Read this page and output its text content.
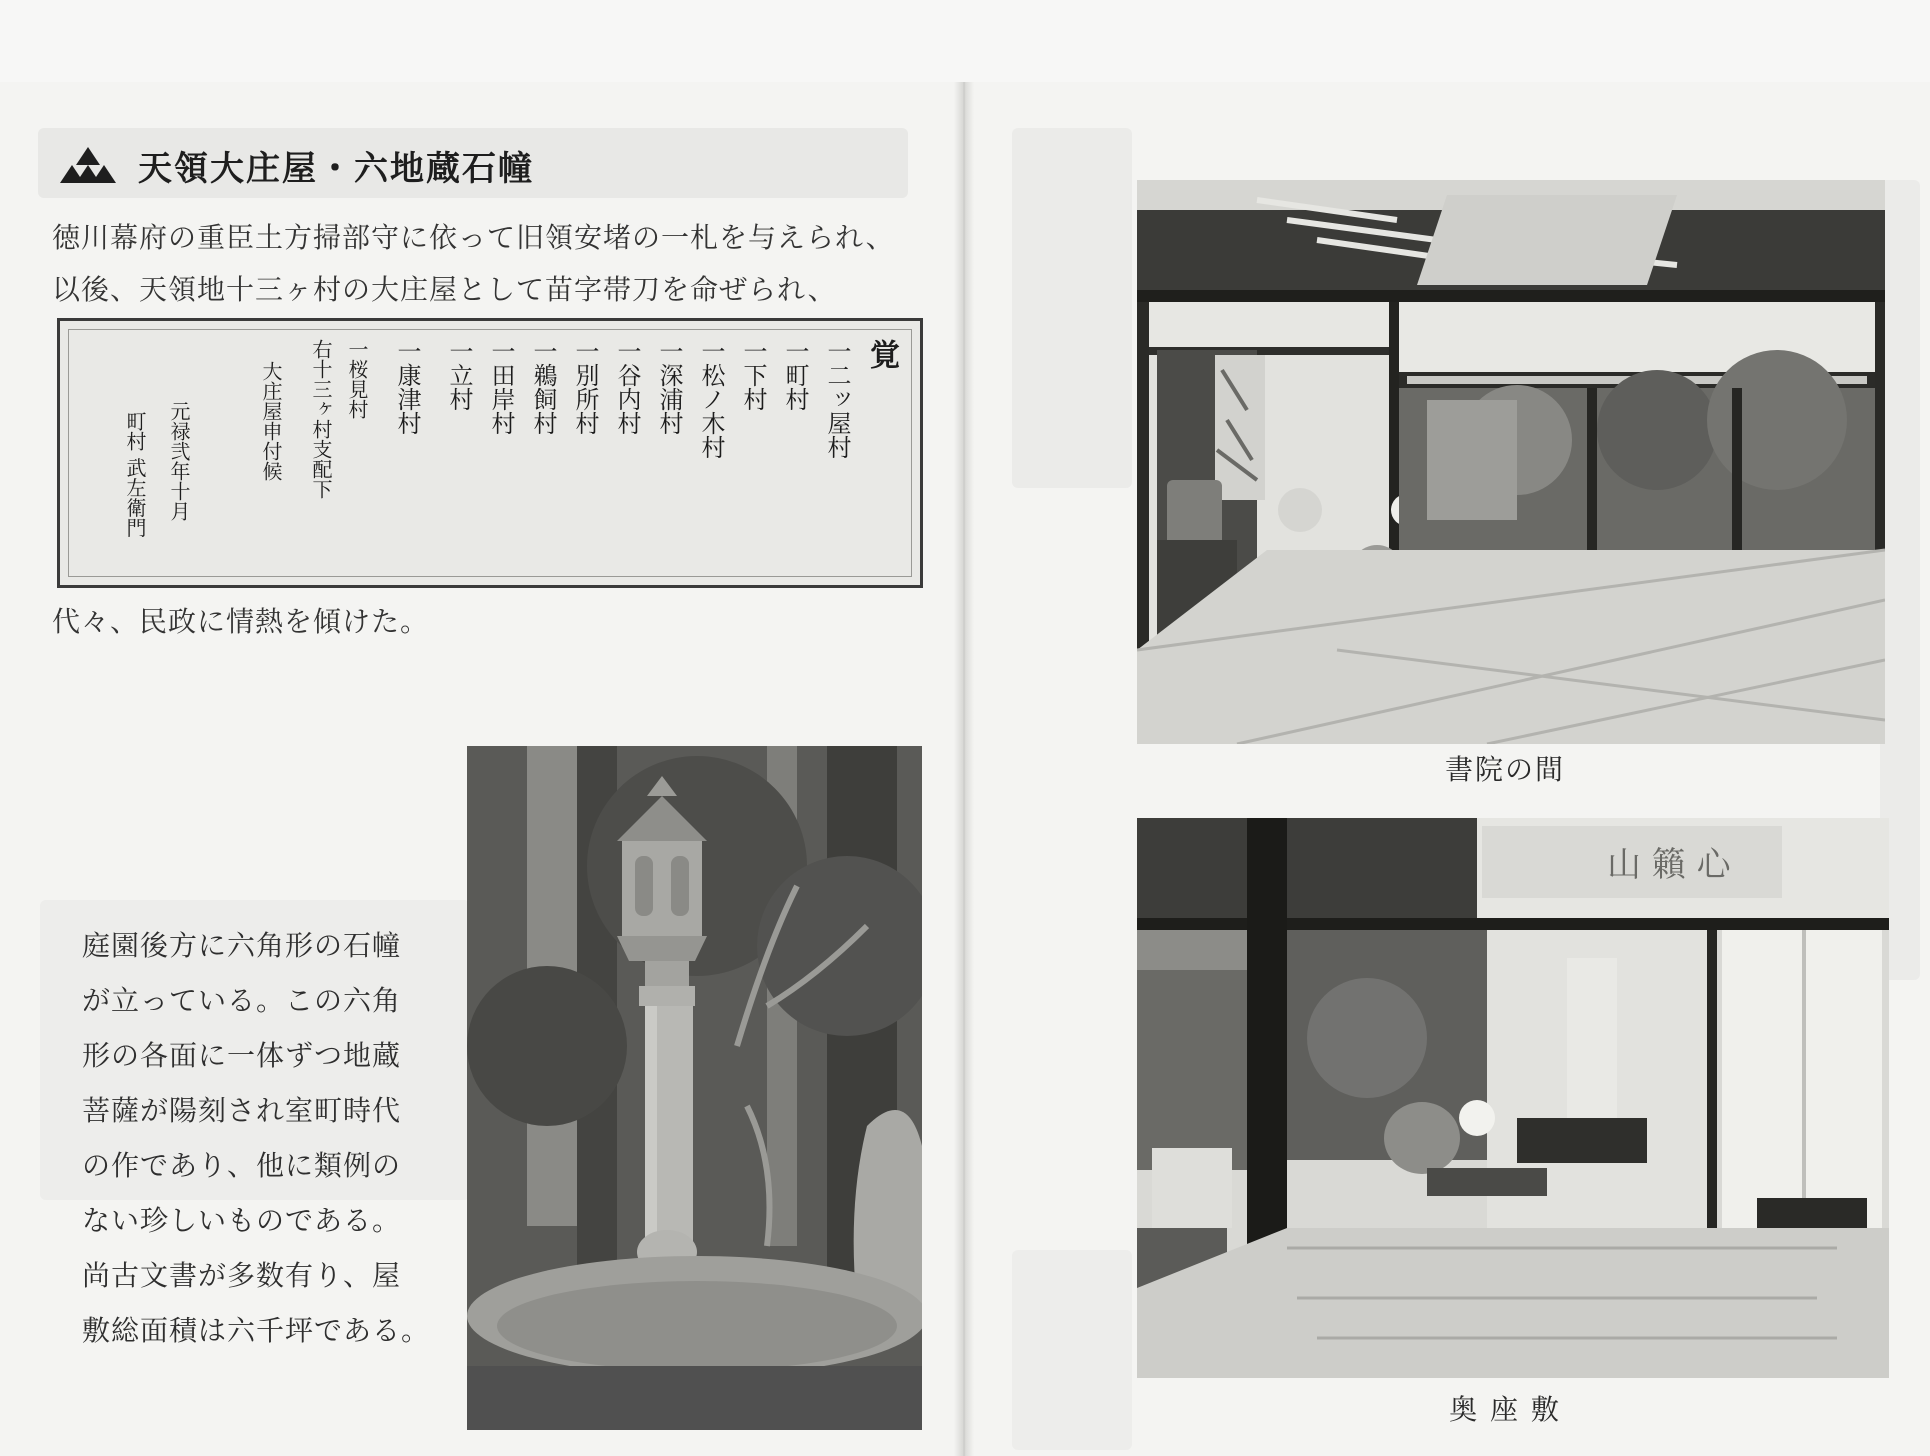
天領大庄屋・六地蔵石幢
徳川幕府の重臣土方掃部守に依って旧領安堵の一札を与えられ、
以後、天領地十三ヶ村の大庄屋として苗字帯刀を命ぜられ、
覚
一二ッ屋村
一町村
一下村
一松ノ木村
一深浦村
一谷内村
一別所村
一鵜飼村
一田岸村
一立村
一康津村
一桜見村
右十三ヶ村支配下
大庄屋申付候
元禄弐年十月
町村 武左衛門
代々、民政に情熱を傾けた。
庭園後方に六角形の石幢
が立っている。この六角
形の各面に一体ずつ地蔵
菩薩が陽刻され室町時代
の作であり、他に類例の
ない珍しいものである。
尚古文書が多数有り、屋
敷総面積は六千坪である。
書院の間
山 籟 心
奥 座 敷
